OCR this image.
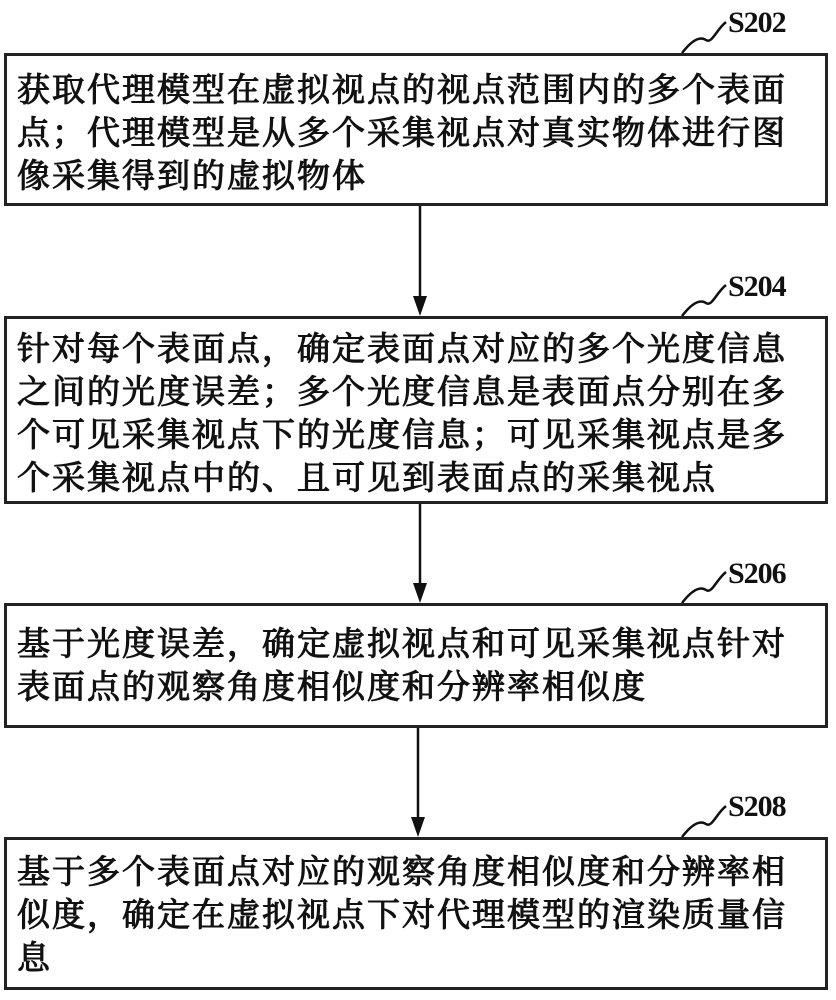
S202
获取代理模型在虚拟视点的视点范围内的多个表面
点；代理模型是从多个采集视点对真实物体进行图
像采集得到的虚拟物体
S204
针对每个表面点，确定表面点对应的多个光度信息
之间的光度误差；多个光度信息是表面点分别在多
个可见采集视点下的光度信息；可见采集视点是多
个采集视点中的、且可见到表面点的采集视点
S206
基于光度误差，确定虚拟视点和可见采集视点针对
表面点的观察角度相似度和分辨率相似度
S208
基于多个表面点对应的观察角度相似度和分辨率相
似度，确定在虚拟视点下对代理模型的渲染质量信
息
